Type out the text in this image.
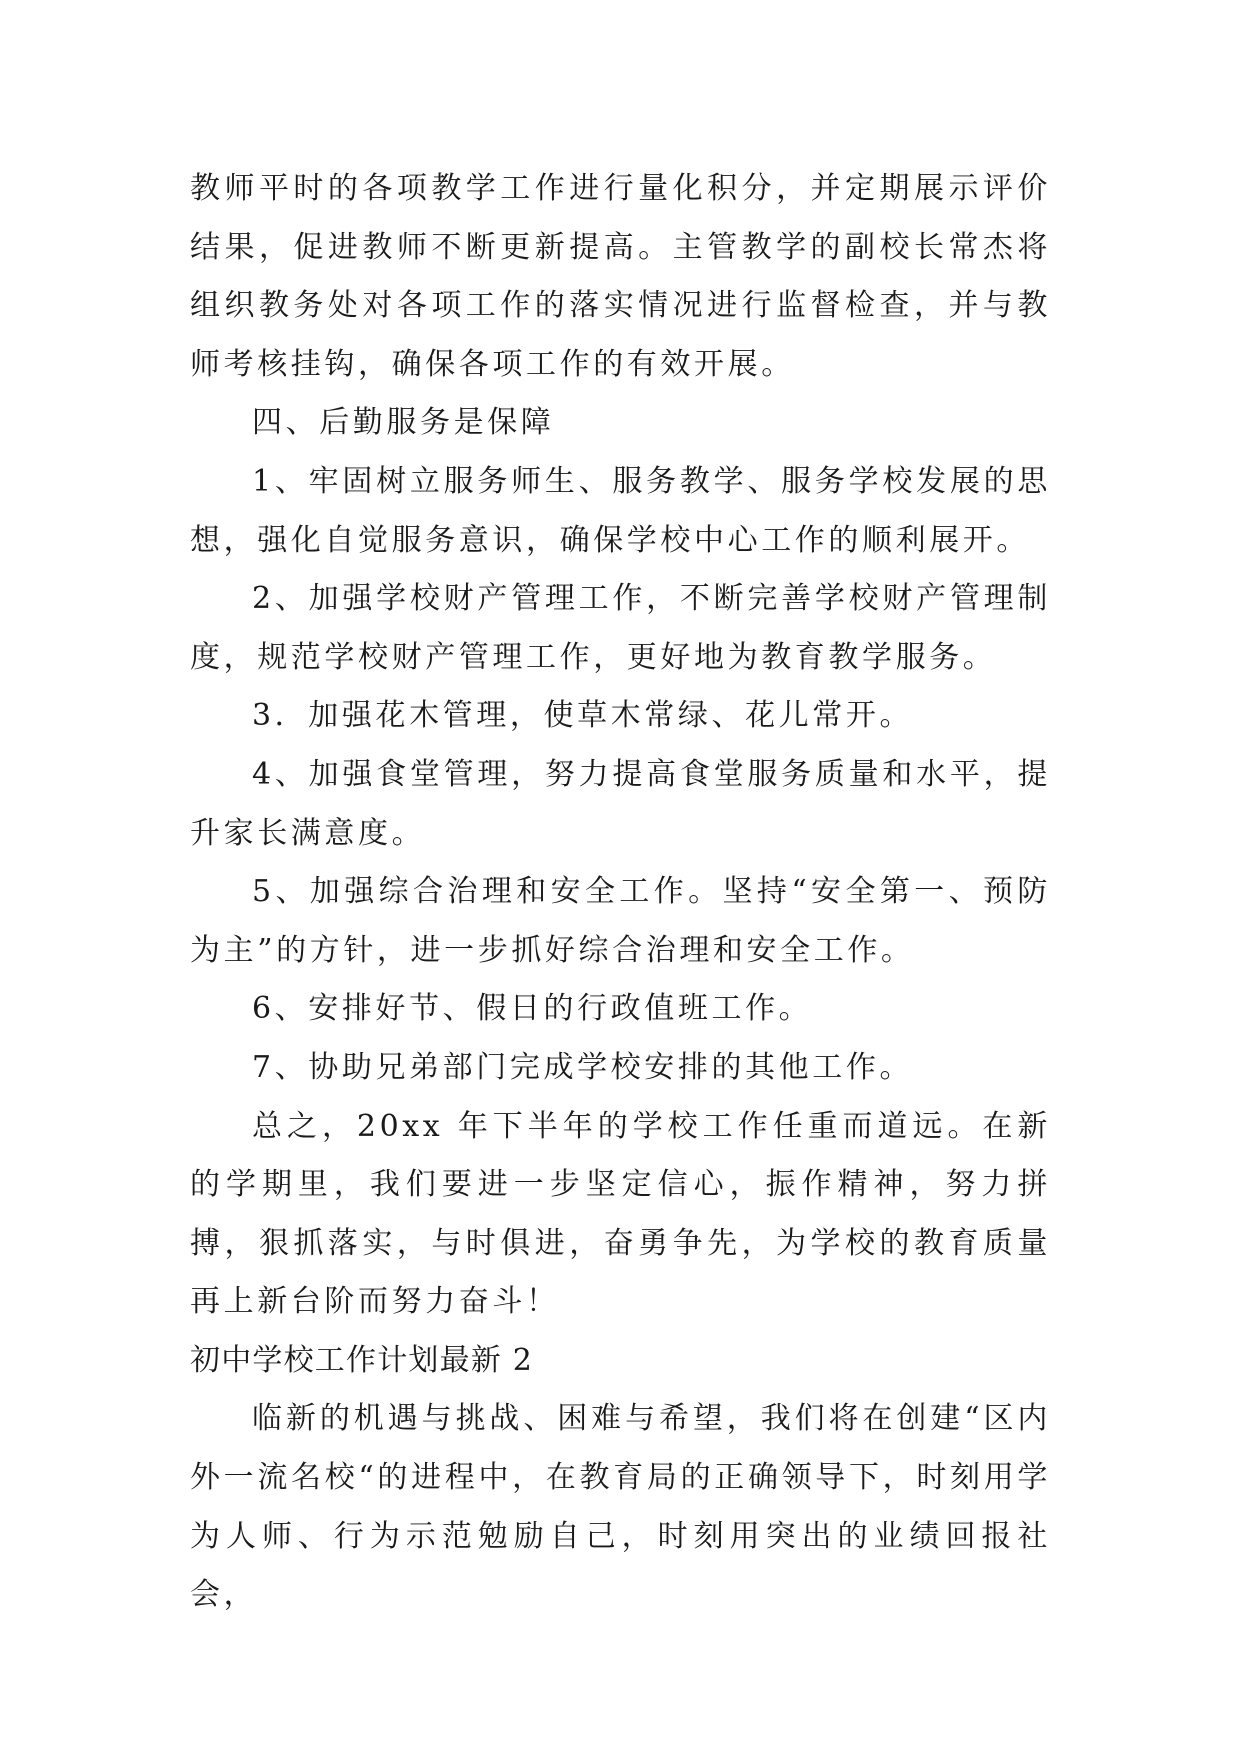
教师平时的各项教学工作进行量化积分，并定期展示评价结果，促进教师不断更新提高。主管教学的副校长常杰将组织教务处对各项工作的落实情况进行监督检查，并与教师考核挂钩，确保各项工作的有效开展。

四、后勤服务是保障

1、牢固树立服务师生、服务教学、服务学校发展的思想，强化自觉服务意识，确保学校中心工作的顺利展开。

2、加强学校财产管理工作，不断完善学校财产管理制度，规范学校财产管理工作，更好地为教育教学服务。

3．加强花木管理，使草木常绿、花儿常开。

4、加强食堂管理，努力提高食堂服务质量和水平，提升家长满意度。

5、加强综合治理和安全工作。坚持“安全第一、预防为主”的方针，进一步抓好综合治理和安全工作。

6、安排好节、假日的行政值班工作。

7、协助兄弟部门完成学校安排的其他工作。

总之，20xx 年下半年的学校工作任重而道远。在新的学期里，我们要进一步坚定信心，振作精神，努力拼搏，狠抓落实，与时俱进，奋勇争先，为学校的教育质量再上新台阶而努力奋斗！

初中学校工作计划最新 2

临新的机遇与挑战、困难与希望，我们将在创建“区内外一流名校“的进程中，在教育局的正确领导下，时刻用学为人师、行为示范勉励自己，时刻用突出的业绩回报社会，
